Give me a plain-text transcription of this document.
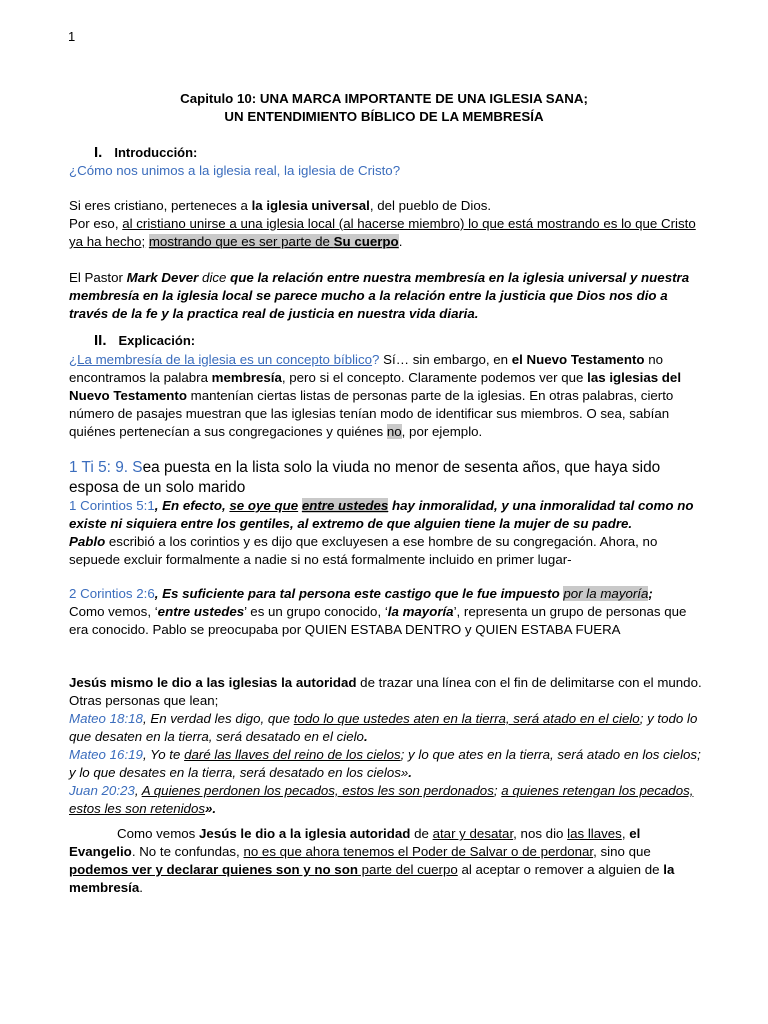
1
Capitulo 10: UNA MARCA IMPORTANTE DE UNA IGLESIA SANA;
UN ENTENDIMIENTO BÍBLICO DE LA MEMBRESÍA
I. Introducción:
¿Cómo nos unimos a la iglesia real, la iglesia de Cristo?
Si eres cristiano, perteneces a la iglesia universal, del pueblo de Dios.
Por eso, al cristiano unirse a una iglesia local (al hacerse miembro) lo que está mostrando es lo que Cristo ya ha hecho; mostrando que es ser parte de Su cuerpo.
El Pastor Mark Dever dice que la relación entre nuestra membresía en la iglesia universal y nuestra membresía en la iglesia local se parece mucho a la relación entre la justicia que Dios nos dio a través de la fe y la practica real de justicia en nuestra vida diaria.
II. Explicación:
¿La membresía de la iglesia es un concepto bíblico? Sí… sin embargo, en el Nuevo Testamento no encontramos la palabra membresía, pero si el concepto. Claramente podemos ver que las iglesias del Nuevo Testamento mantenían ciertas listas de personas parte de la iglesias. En otras palabras, cierto número de pasajes muestran que las iglesias tenían modo de identificar sus miembros. O sea, sabían quiénes pertenecían a sus congregaciones y quiénes no, por ejemplo.
1 Ti 5: 9. Sea puesta en la lista solo la viuda no menor de sesenta años, que haya sido esposa de un solo marido
1 Corintios 5:1, En efecto, se oye que entre ustedes hay inmoralidad, y una inmoralidad tal como no existe ni siquiera entre los gentiles, al extremo de que alguien tiene la mujer de su padre.
Pablo escribió a los corintios y es dijo que excluyesen a ese hombre de su congregación. Ahora, no sepuede excluir formalmente a nadie si no está formalmente incluido en primer lugar-
2 Corintios 2:6, Es suficiente para tal persona este castigo que le fue impuesto por la mayoría;
Como vemos, ‘entre ustedes’ es un grupo conocido, ‘la mayoría’, representa un grupo de personas que era conocido. Pablo se preocupaba por QUIEN ESTABA DENTRO y QUIEN ESTABA FUERA
Jesús mismo le dio a las iglesias la autoridad de trazar una línea con el fin de delimitarse con el mundo. Otras personas que lean;
Mateo 18:18, En verdad les digo, que todo lo que ustedes aten en la tierra, será atado en el cielo; y todo lo que desaten en la tierra, será desatado en el cielo.
Mateo 16:19, Yo te daré las llaves del reino de los cielos; y lo que ates en la tierra, será atado en los cielos; y lo que desates en la tierra, será desatado en los cielos».
Juan 20:23, A quienes perdonen los pecados, estos les son perdonados; a quienes retengan los pecados, estos les son retenidos».
Como vemos Jesús le dio a la iglesia autoridad de atar y desatar, nos dio las llaves, el Evangelio. No te confundas, no es que ahora tenemos el Poder de Salvar o de perdonar, sino que podemos ver y declarar quienes son y no son parte del cuerpo al aceptar o remover a alguien de la membresía.
